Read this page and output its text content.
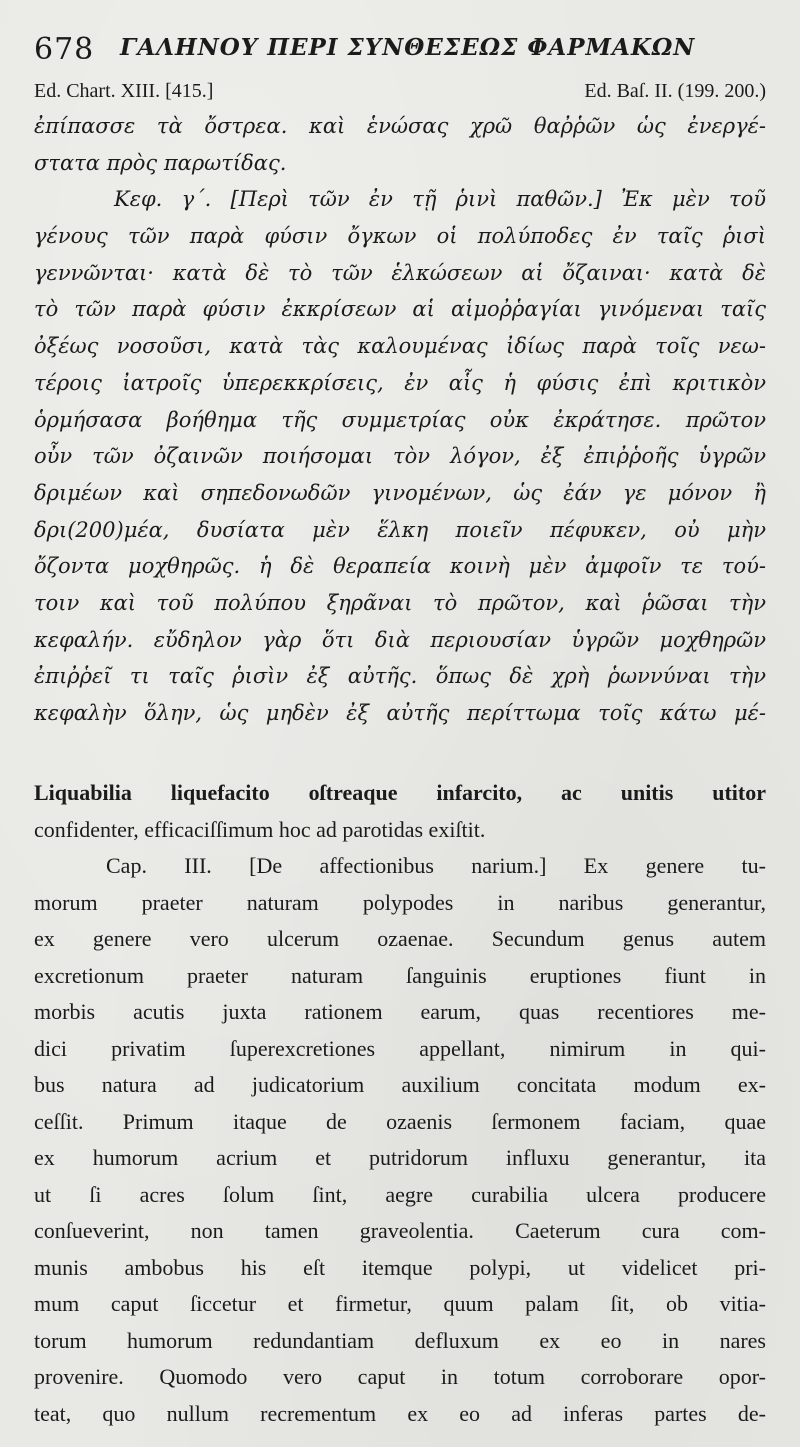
678 ΓΑΛΗΝΟΥ ΠΕΡΙ ΣΥΝΘΕΣΕΩΣ ΦΑΡΜΑΚΩΝ
Ed. Chart. XIII. [415.]	Ed. Baſ. II. (199. 200.)
ἐπίπασσε τὰ ὄστρεα. καὶ ἑνώσας χρῶ θαῤῥῶν ὡς ἐνεργέ-
στατα πρὸς παρωτίδας.
Κεφ. γ΄. [Περὶ τῶν ἐν τῇ ῥινὶ παθῶν.] Ἐκ μὲν τοῦ
γένους τῶν παρὰ φύσιν ὄγκων οἱ πολύποδες ἐν ταῖς ῥισὶ
γεννῶνται· κατὰ δὲ τὸ τῶν ἑλκώσεων αἱ ὄζαιναι· κατὰ δὲ
τὸ τῶν παρὰ φύσιν ἐκκρίσεων αἱ αἱμοῤῥαγίαι γινόμεναι ταῖς
ὀξέως νοσοῦσι, κατὰ τὰς καλουμένας ἰδίως παρὰ τοῖς νεω-
τέροις ἰατροῖς ὑπερεκκρίσεις, ἐν αἷς ἡ φύσις ἐπὶ κριτικὸν
ὁρμήσασα βοήθημα τῆς συμμετρίας οὐκ ἐκράτησε. πρῶτον
οὖν τῶν ὀζαινῶν ποιήσομαι τὸν λόγον, ἐξ ἐπιῤῥοῆς ὑγρῶν
δριμέων καὶ σηπεδονωδῶν γινομένων, ὡς ἐάν γε μόνον ἢ
δρι(200)μέα, δυσίατα μὲν ἕλκη ποιεῖν πέφυκεν, οὐ μὴν
ὄζοντα μοχθηρῶς. ἡ δὲ θεραπεία κοινὴ μὲν ἀμφοῖν τε τού-
τοιν καὶ τοῦ πολύπου ξηρᾶναι τὸ πρῶτον, καὶ ῥῶσαι τὴν
κεφαλήν. εὔδηλον γὰρ ὅτι διὰ περιουσίαν ὑγρῶν μοχθηρῶν
ἐπιῤῥεῖ τι ταῖς ῥισὶν ἐξ αὐτῆς. ὅπως δὲ χρὴ ῥωννύναι τὴν
κεφαλὴν ὅλην, ὡς μηδὲν ἐξ αὐτῆς περίττωμα τοῖς κάτω μέ-
Liquabilia liquefacito oſtreaque infarcito, ac unitis utitor
confidenter, efficaciſſimum hoc ad parotidas exiſtit.
Cap. III. [De affectionibus narium.] Ex genere tu-
morum praeter naturam polypodes in naribus generantur,
ex genere vero ulcerum ozaenae. Secundum genus autem
excretionum praeter naturam ſanguinis eruptiones fiunt in
morbis acutis juxta rationem earum, quas recentiores me-
dici privatim ſuperexcretiones appellant, nimirum in qui-
bus natura ad judicatorium auxilium concitata modum ex-
ceſſit. Primum itaque de ozaenis ſermonem faciam, quae
ex humorum acrium et putridorum influxu generantur, ita
ut ſi acres ſolum ſint, aegre curabilia ulcera producere
conſueverint, non tamen graveolentia. Caeterum cura com-
munis ambobus his eſt itemque polypi, ut videlicet pri-
mum caput ſiccetur et firmetur, quum palam ſit, ob vitia-
torum humorum redundantiam defluxum ex eo in nares
provenire. Quomodo vero caput in totum corroborare opor-
teat, quo nullum recrementum ex eo ad inferas partes de-
